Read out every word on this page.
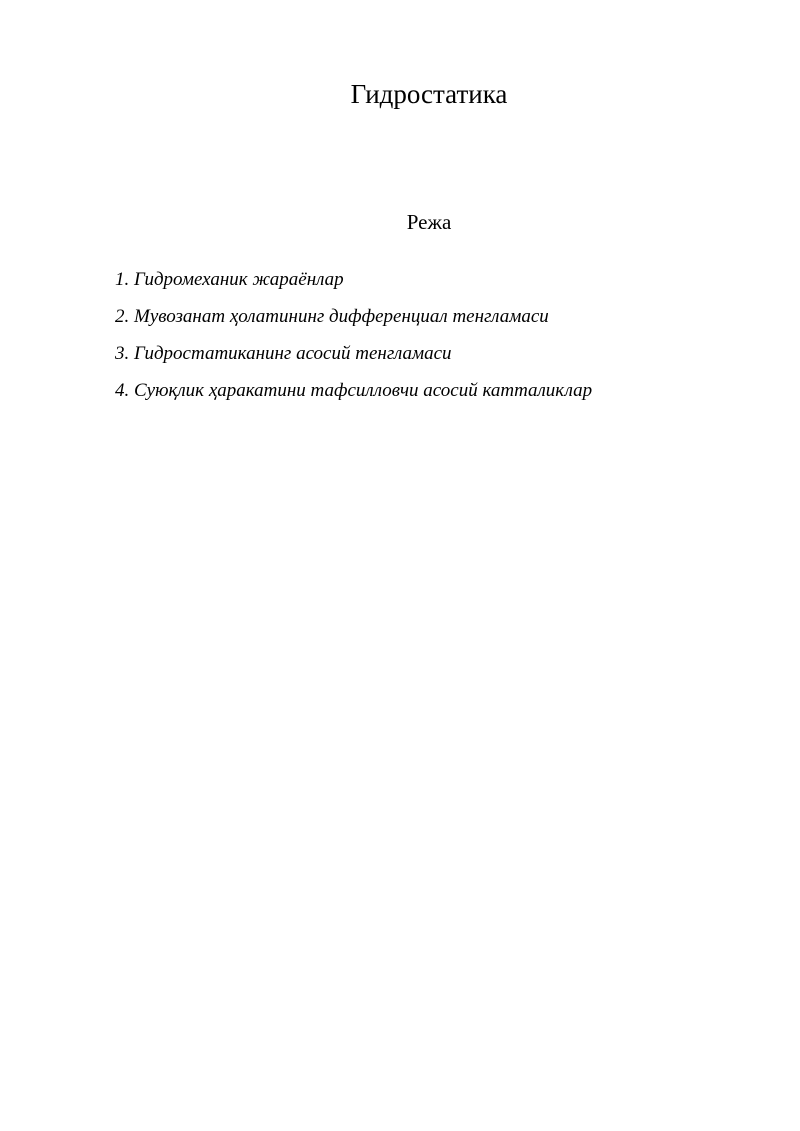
Гидростатика
Режа
1. Гидромеханик жараёнлар
2. Мувозанат ҳолатининг дифференциал тенгламаси
3. Гидростатиканинг асосий тенгламаси
4. Суюқлик ҳаракатини тафсилловчи асосий катталиклар
